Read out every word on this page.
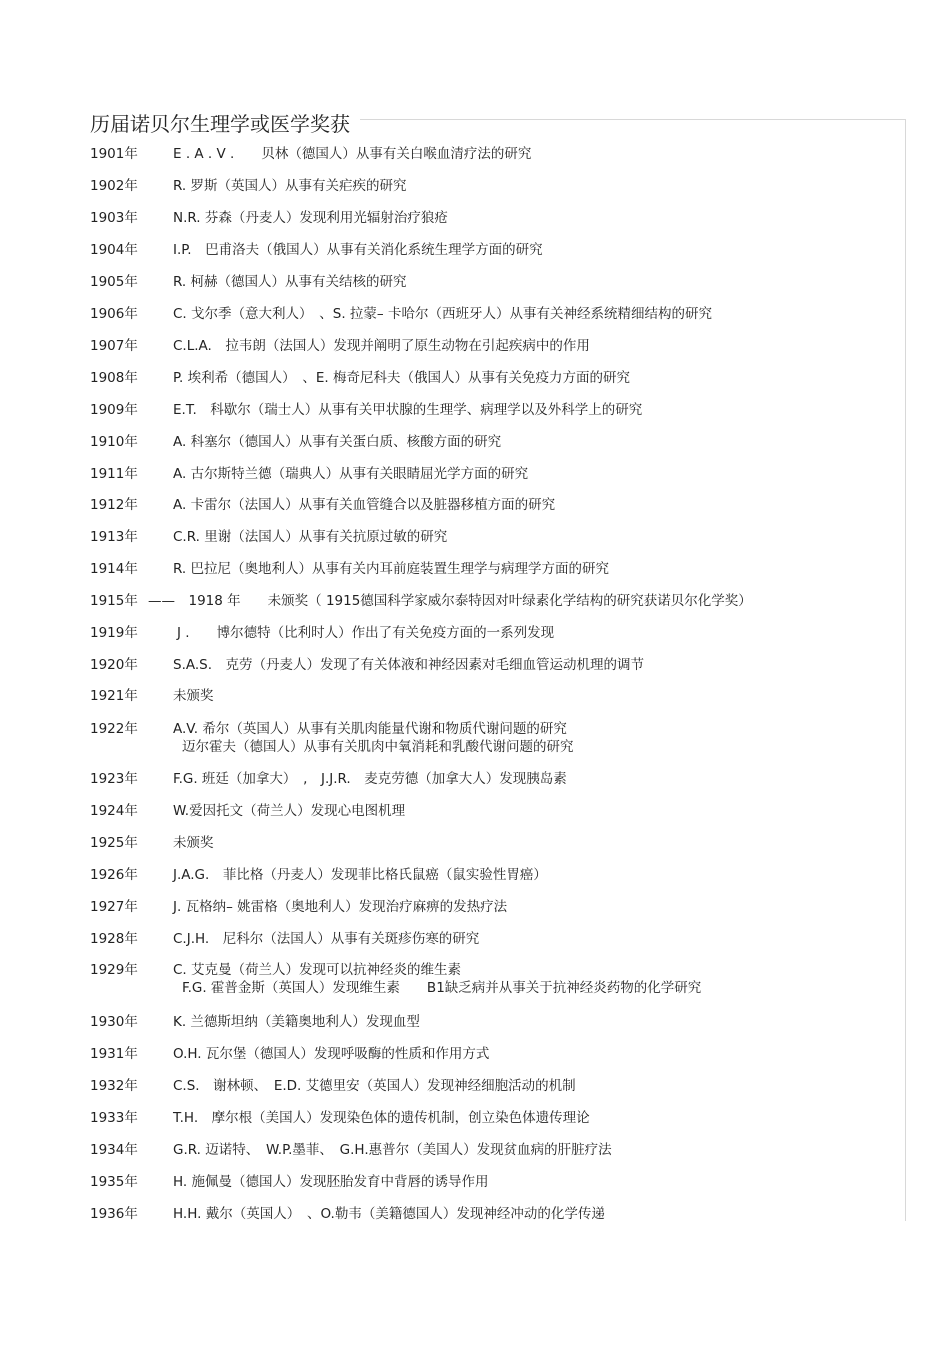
历届诺贝尔生理学或医学奖获
1901年	E . A . V .　　贝林（德国人）从事有关白喉血清疗法的研究
1902年	R. 罗斯（英国人）从事有关疟疾的研究
1903年	N.R. 芬森（丹麦人）发现利用光辐射治疗狼疮
1904年	I.P.　巴甫洛夫（俄国人）从事有关消化系统生理学方面的研究
1905年	R. 柯赫（德国人）从事有关结核的研究
1906年	C. 戈尔季（意大利人）　、S. 拉蒙– 卡哈尔（西班牙人）从事有关神经系统精细结构的研究
1907年	C.L.A.　拉韦朗（法国人）发现并阐明了原生动物在引起疾病中的作用
1908年	P. 埃利希（德国人）　、E. 梅奇尼科夫（俄国人）从事有关免疫力方面的研究
1909年	E.T.　科歇尔（瑞士人）从事有关甲状腺的生理学、病理学以及外科学上的研究
1910年	A. 科塞尔（德国人）从事有关蛋白质、核酸方面的研究
1911年	A. 古尔斯特兰德（瑞典人）从事有关眼睛屈光学方面的研究
1912年	A. 卡雷尔（法国人）从事有关血管缝合以及脏器移植方面的研究
1913年	C.R. 里谢（法国人）从事有关抗原过敏的研究
1914年	R. 巴拉尼（奥地利人）从事有关内耳前庭装置生理学与病理学方面的研究
1915年 ——　1918 年　　未颁奖（ 1915德国科学家威尔泰特因对叶绿素化学结构的研究获诺贝尔化学奖）
1919年	J .　　博尔德特（比利时人）作出了有关免疫方面的一系列发现
1920年	S.A.S.　克劳（丹麦人）发现了有关体液和神经因素对毛细血管运动机理的调节
1921年	未颁奖
1922年	A.V. 希尔（英国人）从事有关肌肉能量代谢和物质代谢问题的研究
迈尔霍夫（德国人）从事有关肌肉中氧消耗和乳酸代谢问题的研究
1923年	F.G. 班廷（加拿大）　,　J.J.R.　麦克劳德（加拿大人）发现胰岛素
1924年	W.爱因托文（荷兰人）发现心电图机理
1925年	未颁奖
1926年	J.A.G.　菲比格（丹麦人）发现菲比格氏鼠癌（鼠实验性胃癌）
1927年	J. 瓦格纳– 姚雷格（奥地利人）发现治疗麻痹的发热疗法
1928年	C.J.H.　尼科尔（法国人）从事有关斑疹伤寒的研究
1929年	C. 艾克曼（荷兰人）发现可以抗神经炎的维生素
F.G. 霍普金斯（英国人）发现维生素　　B1缺乏病并从事关于抗神经炎药物的化学研究
1930年	K. 兰德斯坦纳（美籍奥地利人）发现血型
1931年	O.H. 瓦尔堡（德国人）发现呼吸酶的性质和作用方式
1932年	C.S.　谢林顿、　E.D. 艾德里安（英国人）发现神经细胞活动的机制
1933年	T.H.　摩尔根（美国人）发现染色体的遗传机制，创立染色体遗传理论
1934年	G.R. 迈诺特、　W.P.墨菲、　G.H.惠普尔（美国人）发现贫血病的肝脏疗法
1935年	H. 施佩曼（德国人）发现胚胎发育中背唇的诱导作用
1936年	H.H. 戴尔（英国人）　、O.勒韦（美籍德国人）发现神经冲动的化学传递
